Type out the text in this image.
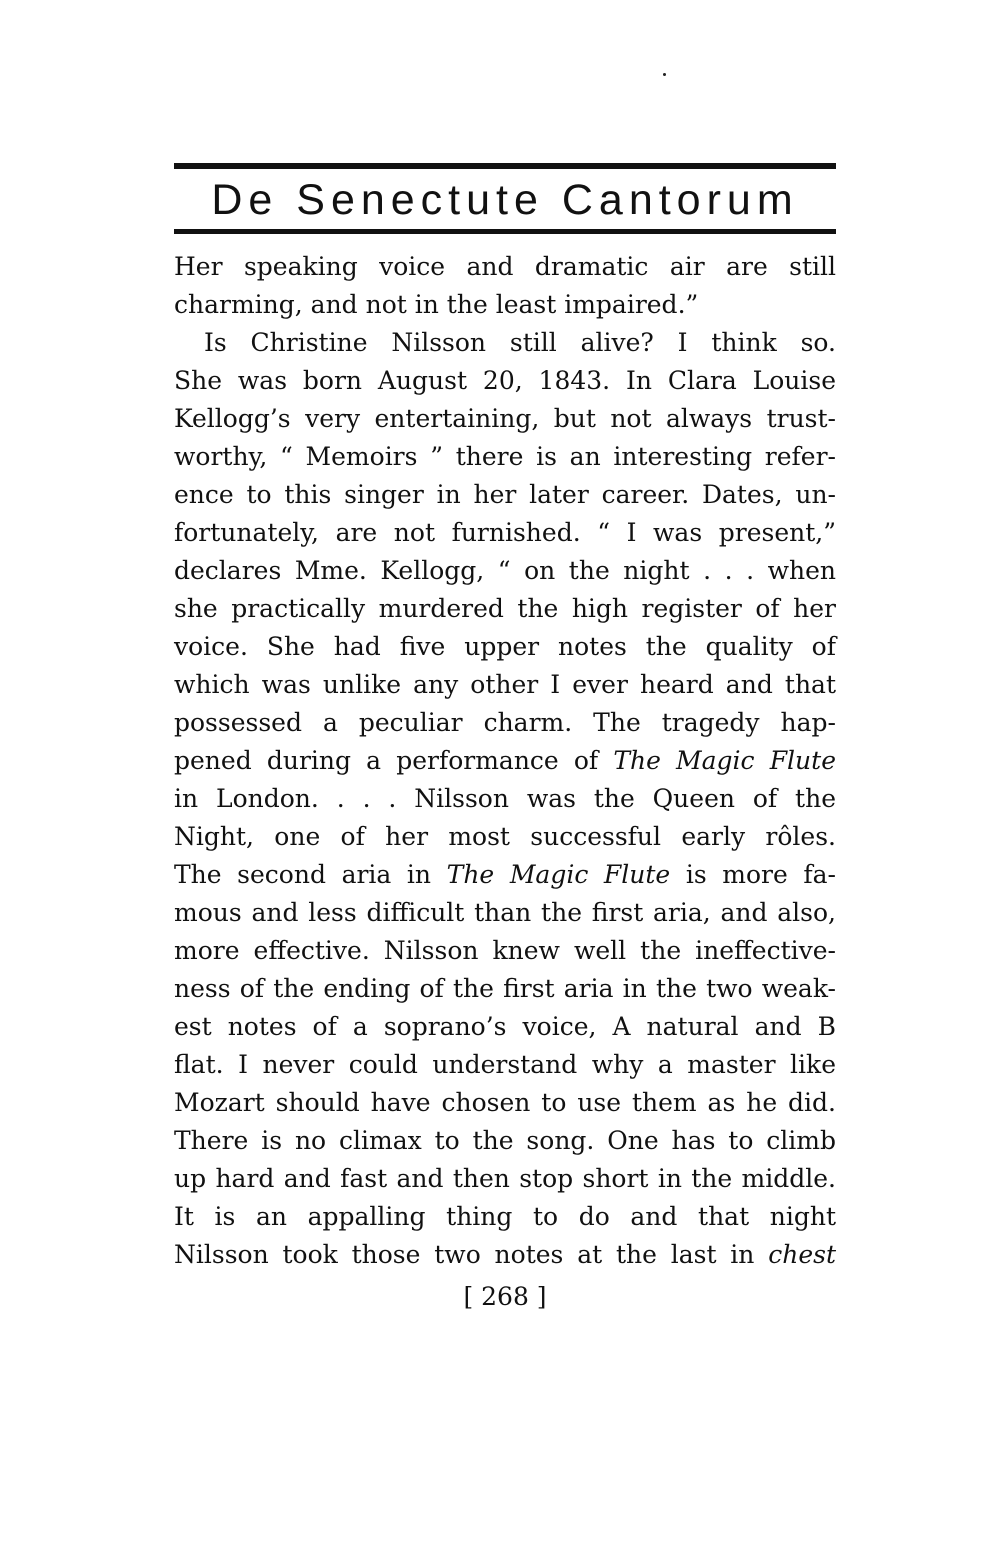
De Senectute Cantorum
Her speaking voice and dramatic air are still
charming, and not in the least impaired.”
Is Christine Nilsson still alive? I think so.
She was born August 20, 1843. In Clara Louise
Kellogg’s very entertaining, but not always trust-
worthy, “ Memoirs ” there is an interesting refer-
ence to this singer in her later career. Dates, un-
fortunately, are not furnished. “ I was present,”
declares Mme. Kellogg, “ on the night . . . when
she practically murdered the high register of her
voice. She had five upper notes the quality of
which was unlike any other I ever heard and that
possessed a peculiar charm. The tragedy hap-
pened during a performance of The Magic Flute
in London. . . . Nilsson was the Queen of the
Night, one of her most successful early rôles.
The second aria in The Magic Flute is more fa-
mous and less difficult than the first aria, and also,
more effective. Nilsson knew well the ineffective-
ness of the ending of the first aria in the two weak-
est notes of a soprano’s voice, A natural and B
flat. I never could understand why a master like
Mozart should have chosen to use them as he did.
There is no climax to the song. One has to climb
up hard and fast and then stop short in the middle.
It is an appalling thing to do and that night
Nilsson took those two notes at the last in chest
[ 268 ]
